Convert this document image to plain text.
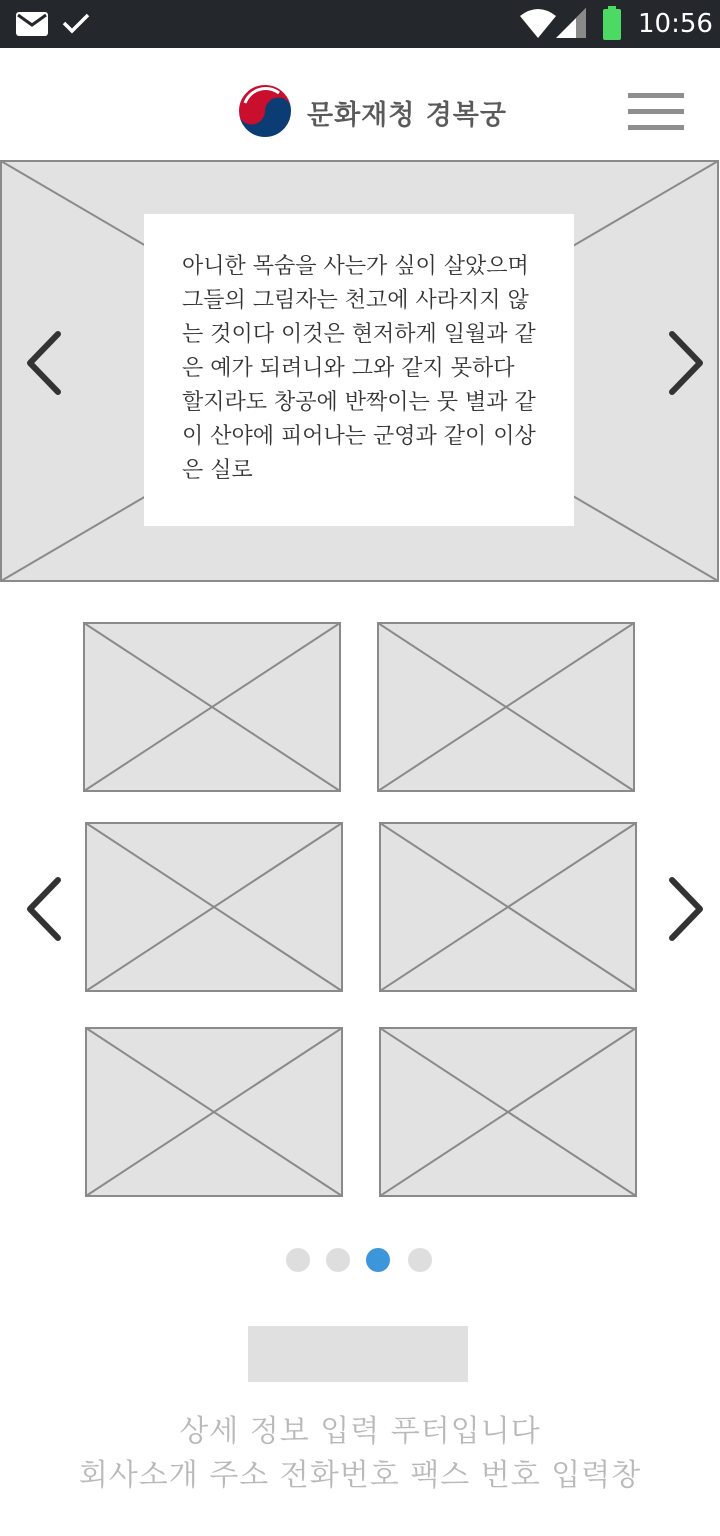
10:56
문화재청 경복궁

아니한 목숨을 사는가 싶이 살았으며 그들의 그림자는 천고에 사라지지 않는 것이다 이것은 현저하게 일월과 같은 예가 되려니와 그와 같지 못하다 할지라도 창공에 반짝이는 뭇 별과 같이 산야에 피어나는 군영과 같이 이상은 실로

상세 정보 입력 푸터입니다
회사소개 주소 전화번호 팩스 번호 입력창
